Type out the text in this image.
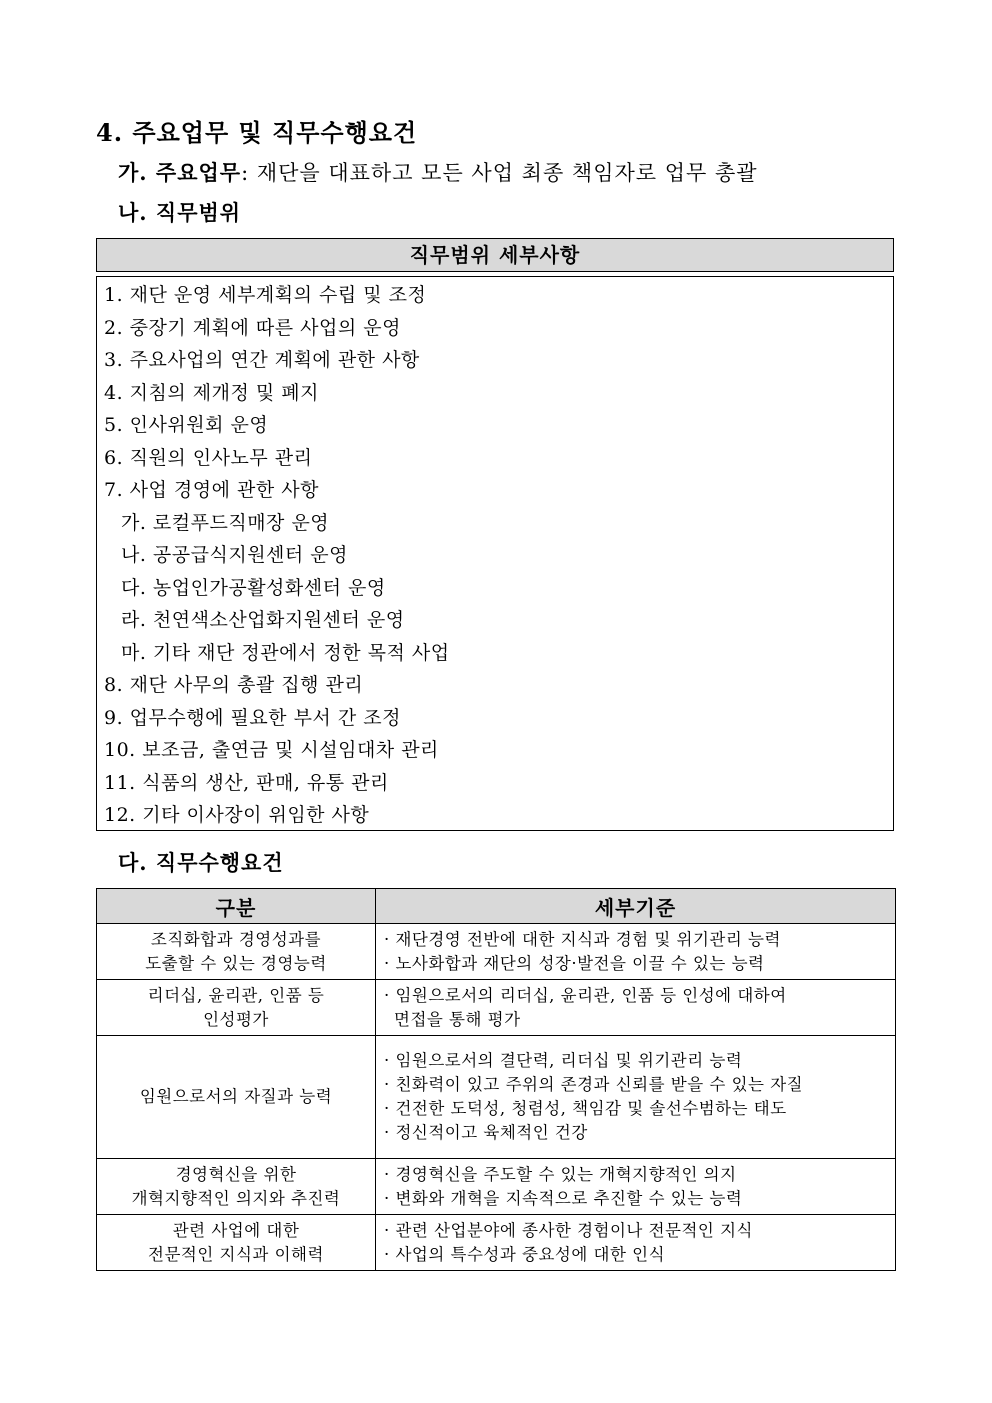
4. 주요업무 및 직무수행요건
가. 주요업무: 재단을 대표하고 모든 사업 최종 책임자로 업무 총괄
나. 직무범위
직무범위 세부사항
1. 재단 운영 세부계획의 수립 및 조정
2. 중장기 계획에 따른 사업의 운영
3. 주요사업의 연간 계획에 관한 사항
4. 지침의 제개정 및 폐지
5. 인사위원회 운영
6. 직원의 인사노무 관리
7. 사업 경영에 관한 사항
가. 로컬푸드직매장 운영
나. 공공급식지원센터 운영
다. 농업인가공활성화센터 운영
라. 천연색소산업화지원센터 운영
마. 기타 재단 정관에서 정한 목적 사업
8. 재단 사무의 총괄 집행 관리
9. 업무수행에 필요한 부서 간 조정
10. 보조금, 출연금 및 시설임대차 관리
11. 식품의 생산, 판매, 유통 관리
12. 기타 이사장이 위임한 사항
다. 직무수행요건
구분	세부기준

조직화합과 경영성과를
도출할 수 있는 경영능력	· 재단경영 전반에 대한 지식과 경험 및 위기관리 능력
· 노사화합과 재단의 성장·발전을 이끌 수 있는 능력

리더십, 윤리관, 인품 등
인성평가	· 임원으로서의 리더십, 윤리관, 인품 등 인성에 대하여
면접을 통해 평가

임원으로서의 자질과 능력	· 임원으로서의 결단력, 리더십 및 위기관리 능력
· 친화력이 있고 주위의 존경과 신뢰를 받을 수 있는 자질
· 건전한 도덕성, 청렴성, 책임감 및 솔선수범하는 태도
· 정신적이고 육체적인 건강

경영혁신을 위한
개혁지향적인 의지와 추진력	· 경영혁신을 주도할 수 있는 개혁지향적인 의지
· 변화와 개혁을 지속적으로 추진할 수 있는 능력

관련 사업에 대한
전문적인 지식과 이해력	· 관련 산업분야에 종사한 경험이나 전문적인 지식
· 사업의 특수성과 중요성에 대한 인식
